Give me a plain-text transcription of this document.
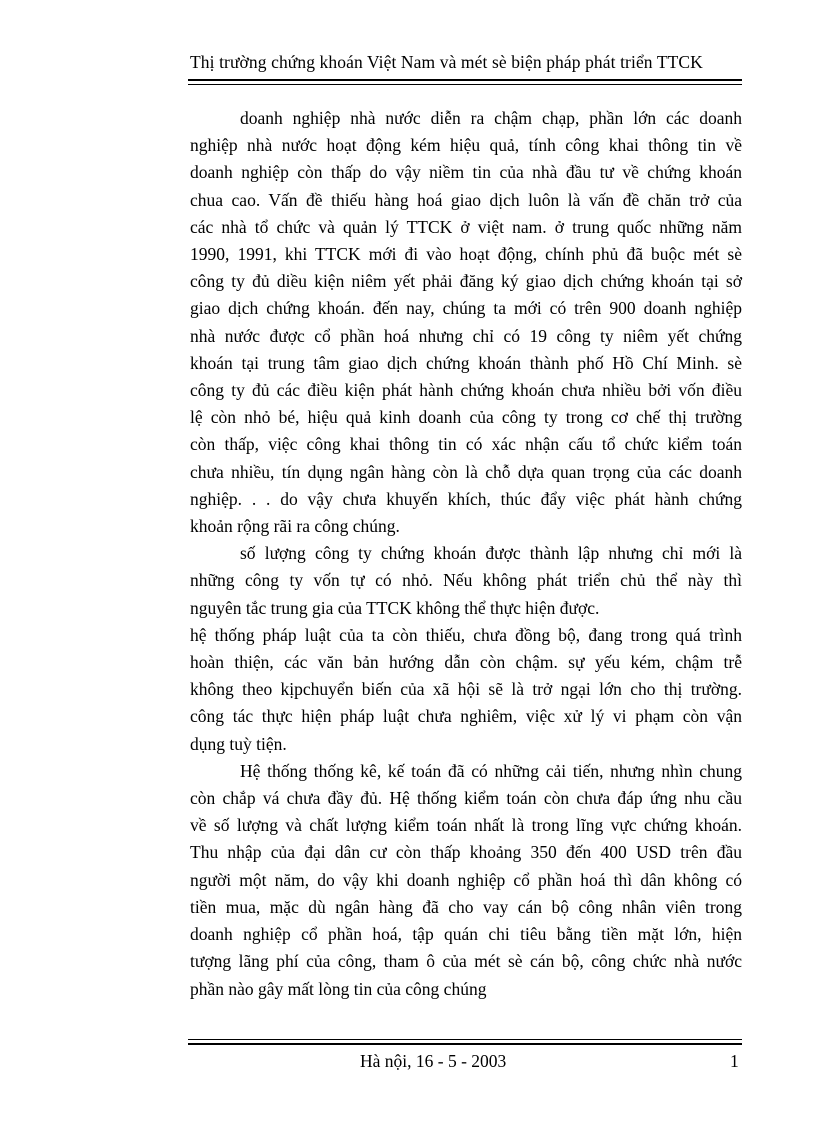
Thị trường chứng khoán Việt Nam và mét sè biện pháp phát triển TTCK

doanh nghiệp nhà nước diễn ra chậm chạp, phần lớn các doanh
nghiệp nhà nước hoạt động kém hiệu quả, tính công khai thông tin về
doanh nghiệp còn thấp do vậy niềm tin của nhà đầu tư về chứng khoán
chua cao. Vấn đề thiếu hàng hoá giao dịch luôn là vấn đề chăn trở của
các nhà tổ chức và quản lý TTCK ở việt nam. ở trung quốc những năm
1990, 1991, khi TTCK mới đi vào hoạt động, chính phủ đã buộc mét sè
công ty đủ diều kiện niêm yết phải đăng ký giao dịch chứng khoán tại sở
giao dịch chứng khoán. đến nay, chúng ta mới có trên 900 doanh nghiệp
nhà nước được cổ phần hoá nhưng chỉ có 19 công ty niêm yết chứng
khoán tại trung tâm giao dịch chứng khoán thành phố Hồ Chí Minh. sè
công ty đủ các điều kiện phát hành chứng khoán chưa nhiều bởi vốn điều
lệ còn nhỏ bé, hiệu quả kinh doanh của công ty trong cơ chế thị trường
còn thấp, việc công khai thông tin có xác nhận cấu tổ chức kiểm toán
chưa nhiều, tín dụng ngân hàng còn là chỗ dựa quan trọng của các doanh
nghiệp. . . do vậy chưa khuyến khích, thúc đẩy việc phát hành chứng
khoản rộng rãi ra công chúng.

số lượng công ty chứng khoán được thành lập nhưng chỉ mới là
những công ty vốn tự có nhỏ. Nếu không phát triển chủ thể này thì
nguyên tắc trung gia của TTCK không thể thực hiện được.

hệ thống pháp luật của ta còn thiếu, chưa đồng bộ, đang trong quá trình
hoàn thiện, các văn bản hướng dẫn còn chậm. sự yếu kém, chậm trễ
không theo kịpchuyển biến của xã hội sẽ là trở ngại lớn cho thị trường.
công tác thực hiện pháp luật chưa nghiêm, việc xử lý vi phạm còn vận
dụng tuỳ tiện.

Hệ thống thống kê, kế toán đã có những cải tiến, nhưng nhìn chung
còn chắp vá chưa đầy đủ. Hệ thống kiểm toán còn chưa đáp ứng nhu cầu
về số lượng và chất lượng kiểm toán nhất là trong lĩng vực chứng khoán.
Thu nhập của đại dân cư còn thấp khoảng 350 đến 400 USD trên đầu
người một năm, do vậy khi doanh nghiệp cổ phần hoá thì dân không có
tiền mua, mặc dù ngân hàng đã cho vay cán bộ công nhân viên trong
doanh nghiệp cổ phần hoá, tập quán chi tiêu bằng tiền mặt lớn, hiện
tượng lãng phí của công, tham ô của mét sè cán bộ, công chức nhà nước
phần nào gây mất lòng tin của công chúng

Hà nội, 16 - 5 - 2003	1
